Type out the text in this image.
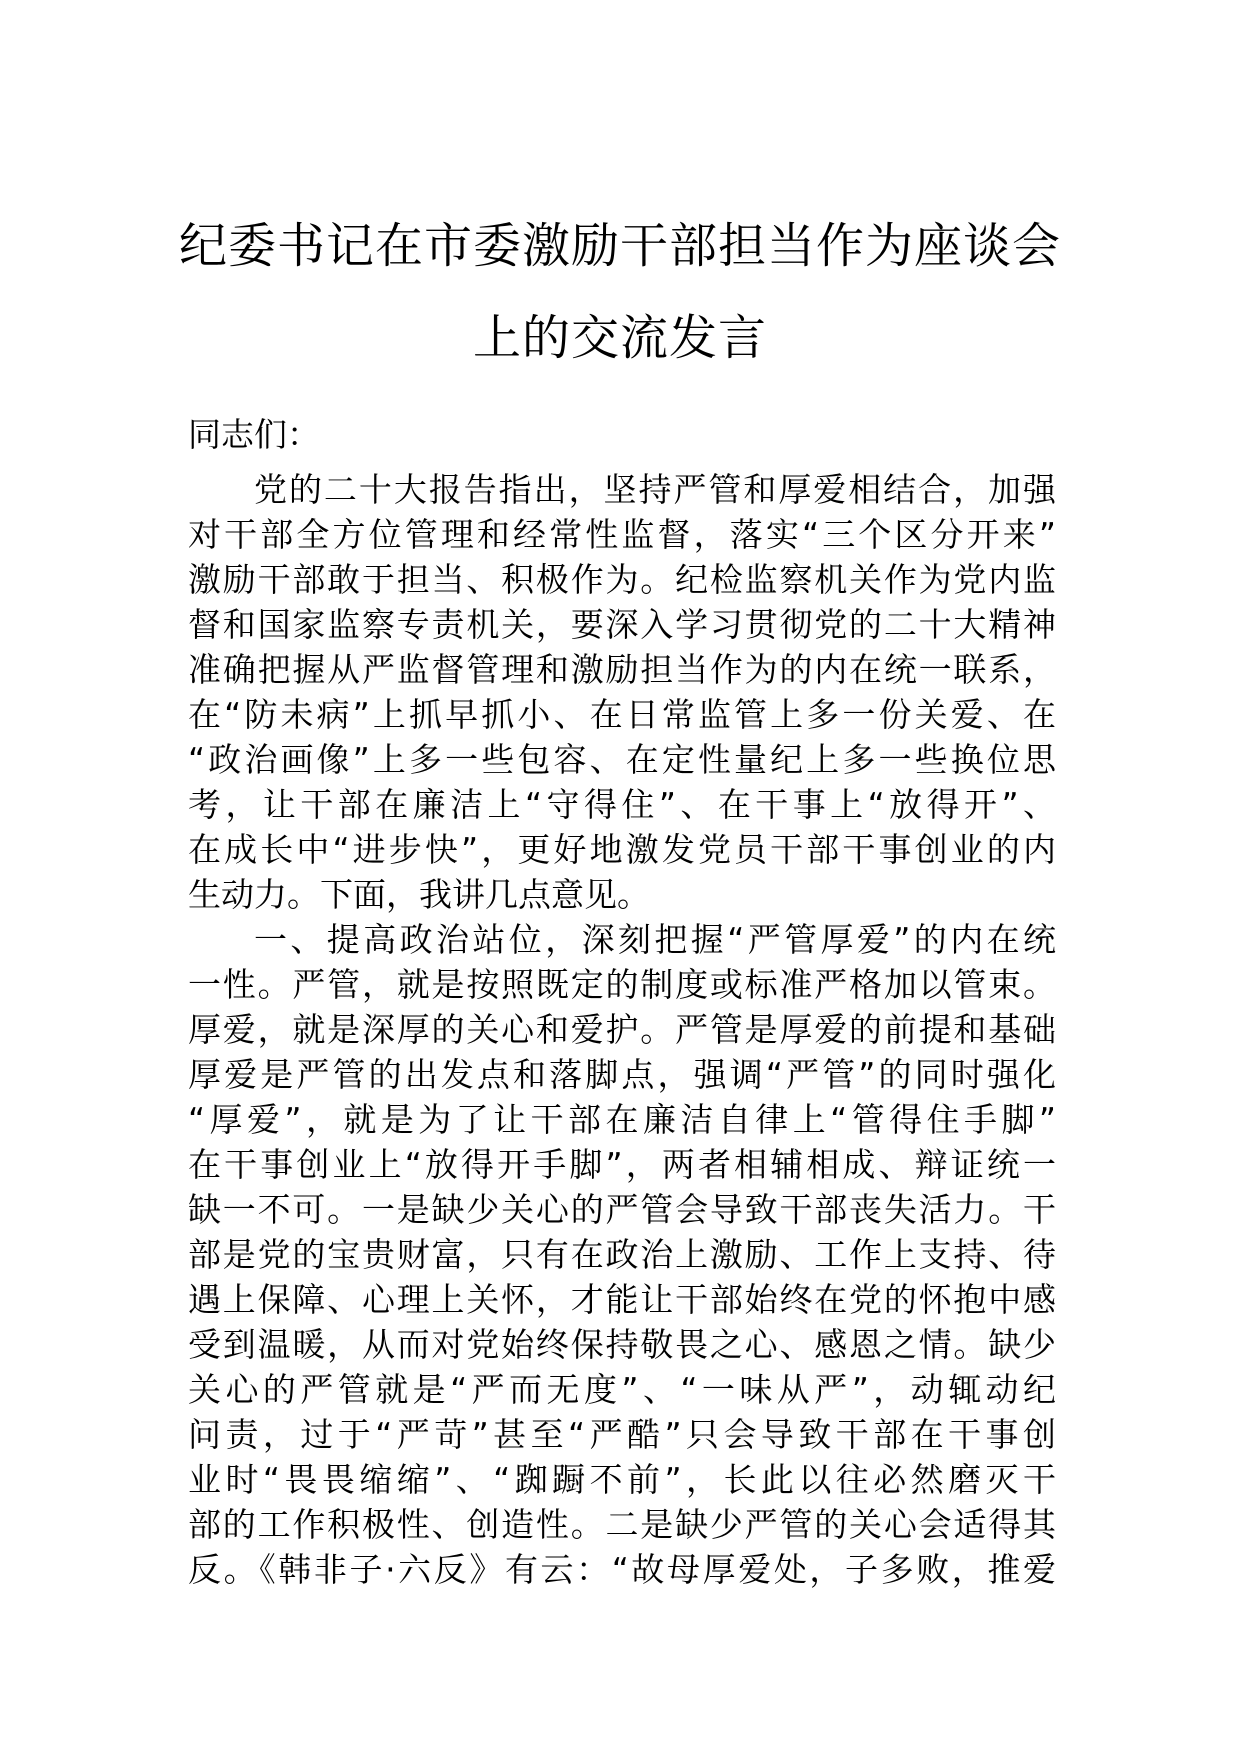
纪委书记在市委激励干部担当作为座谈会
上的交流发言
同志们：
党的二十大报告指出，坚持严管和厚爱相结合，加强
对干部全方位管理和经常性监督，落实“三个区分开来”
激励干部敢于担当、积极作为。纪检监察机关作为党内监
督和国家监察专责机关，要深入学习贯彻党的二十大精神
准确把握从严监督管理和激励担当作为的内在统一联系，
在“防未病”上抓早抓小、在日常监管上多一份关爱、在
“政治画像”上多一些包容、在定性量纪上多一些换位思
考，让干部在廉洁上“守得住”、在干事上“放得开”、
在成长中“进步快”，更好地激发党员干部干事创业的内
生动力。下面，我讲几点意见。
一、提高政治站位，深刻把握“严管厚爱”的内在统
一性。严管，就是按照既定的制度或标准严格加以管束。
厚爱，就是深厚的关心和爱护。严管是厚爱的前提和基础
厚爱是严管的出发点和落脚点，强调“严管”的同时强化
“厚爱”，就是为了让干部在廉洁自律上“管得住手脚”
在干事创业上“放得开手脚”，两者相辅相成、辩证统一
缺一不可。一是缺少关心的严管会导致干部丧失活力。干
部是党的宝贵财富，只有在政治上激励、工作上支持、待
遇上保障、心理上关怀，才能让干部始终在党的怀抱中感
受到温暖，从而对党始终保持敬畏之心、感恩之情。缺少
关心的严管就是“严而无度”、“一味从严”，动辄动纪
问责，过于“严苛”甚至“严酷”只会导致干部在干事创
业时“畏畏缩缩”、“踟蹰不前”，长此以往必然磨灭干
部的工作积极性、创造性。二是缺少严管的关心会适得其
反。《韩非子·六反》有云：“故母厚爱处，子多败，推爱
